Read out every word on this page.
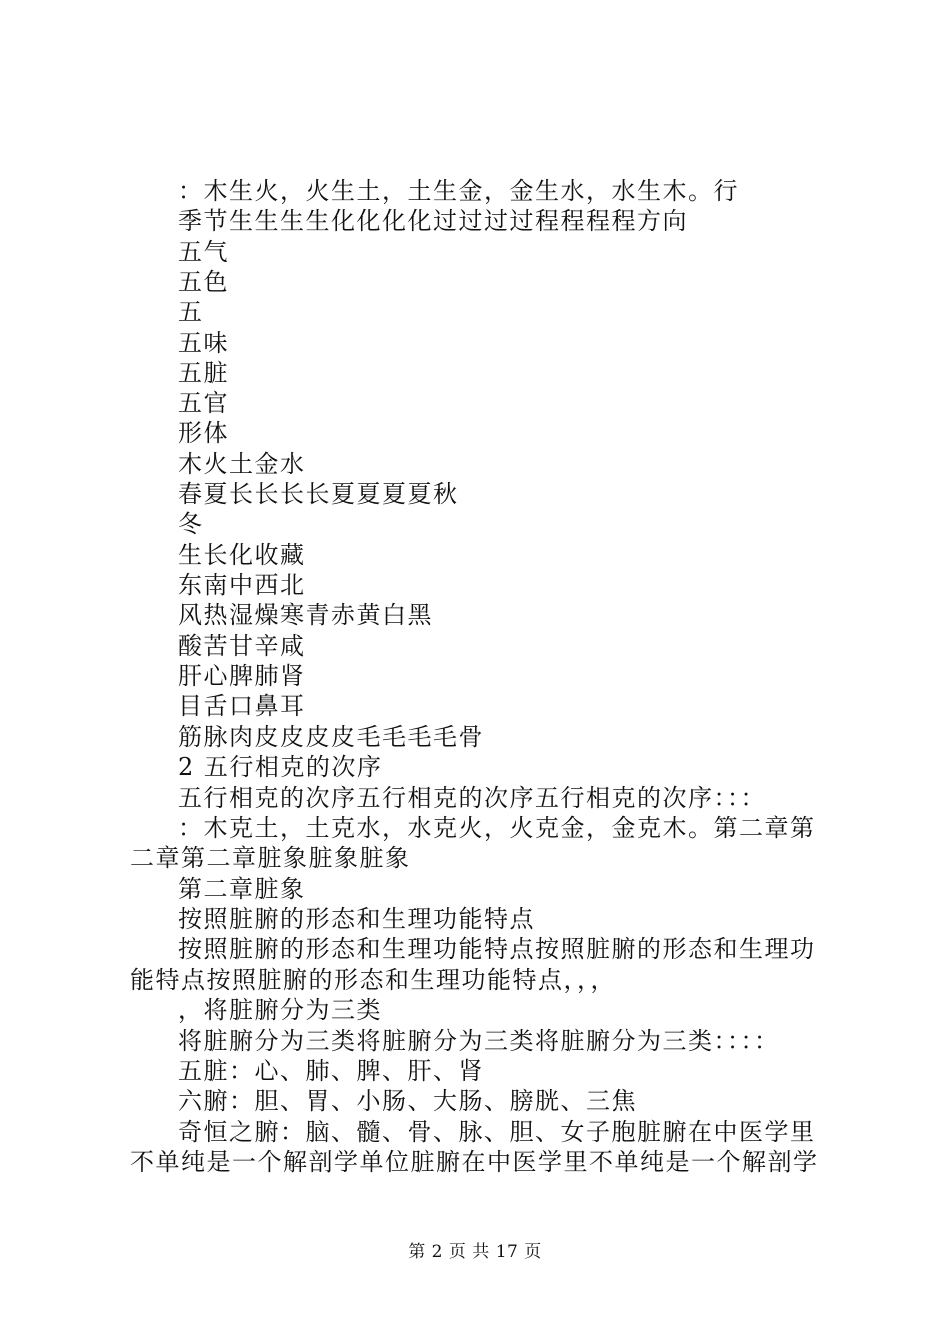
：木生火，火生土，土生金，金生水，水生木。行
季节生生生生化化化化过过过过程程程程方向
五气
五色
五
五味
五脏
五官
形体
木火土金水
春夏长长长长夏夏夏夏秋
冬
生长化收藏
东南中西北
风热湿燥寒青赤黄白黑
酸苦甘辛咸
肝心脾肺肾
目舌口鼻耳
筋脉肉皮皮皮皮毛毛毛毛骨
2 五行相克的次序
五行相克的次序五行相克的次序五行相克的次序：：：
：木克土，土克水，水克火，火克金，金克木。第二章第
二章第二章脏象脏象脏象
第二章脏象
按照脏腑的形态和生理功能特点
按照脏腑的形态和生理功能特点按照脏腑的形态和生理功
能特点按照脏腑的形态和生理功能特点，，，
，将脏腑分为三类
将脏腑分为三类将脏腑分为三类将脏腑分为三类：：：：
五脏：心、肺、脾、肝、肾
六腑：胆、胃、小肠、大肠、膀胱、三焦
奇恒之腑：脑、髓、骨、脉、胆、女子胞脏腑在中医学里
不单纯是一个解剖学单位脏腑在中医学里不单纯是一个解剖学
第 2 页 共 17 页
